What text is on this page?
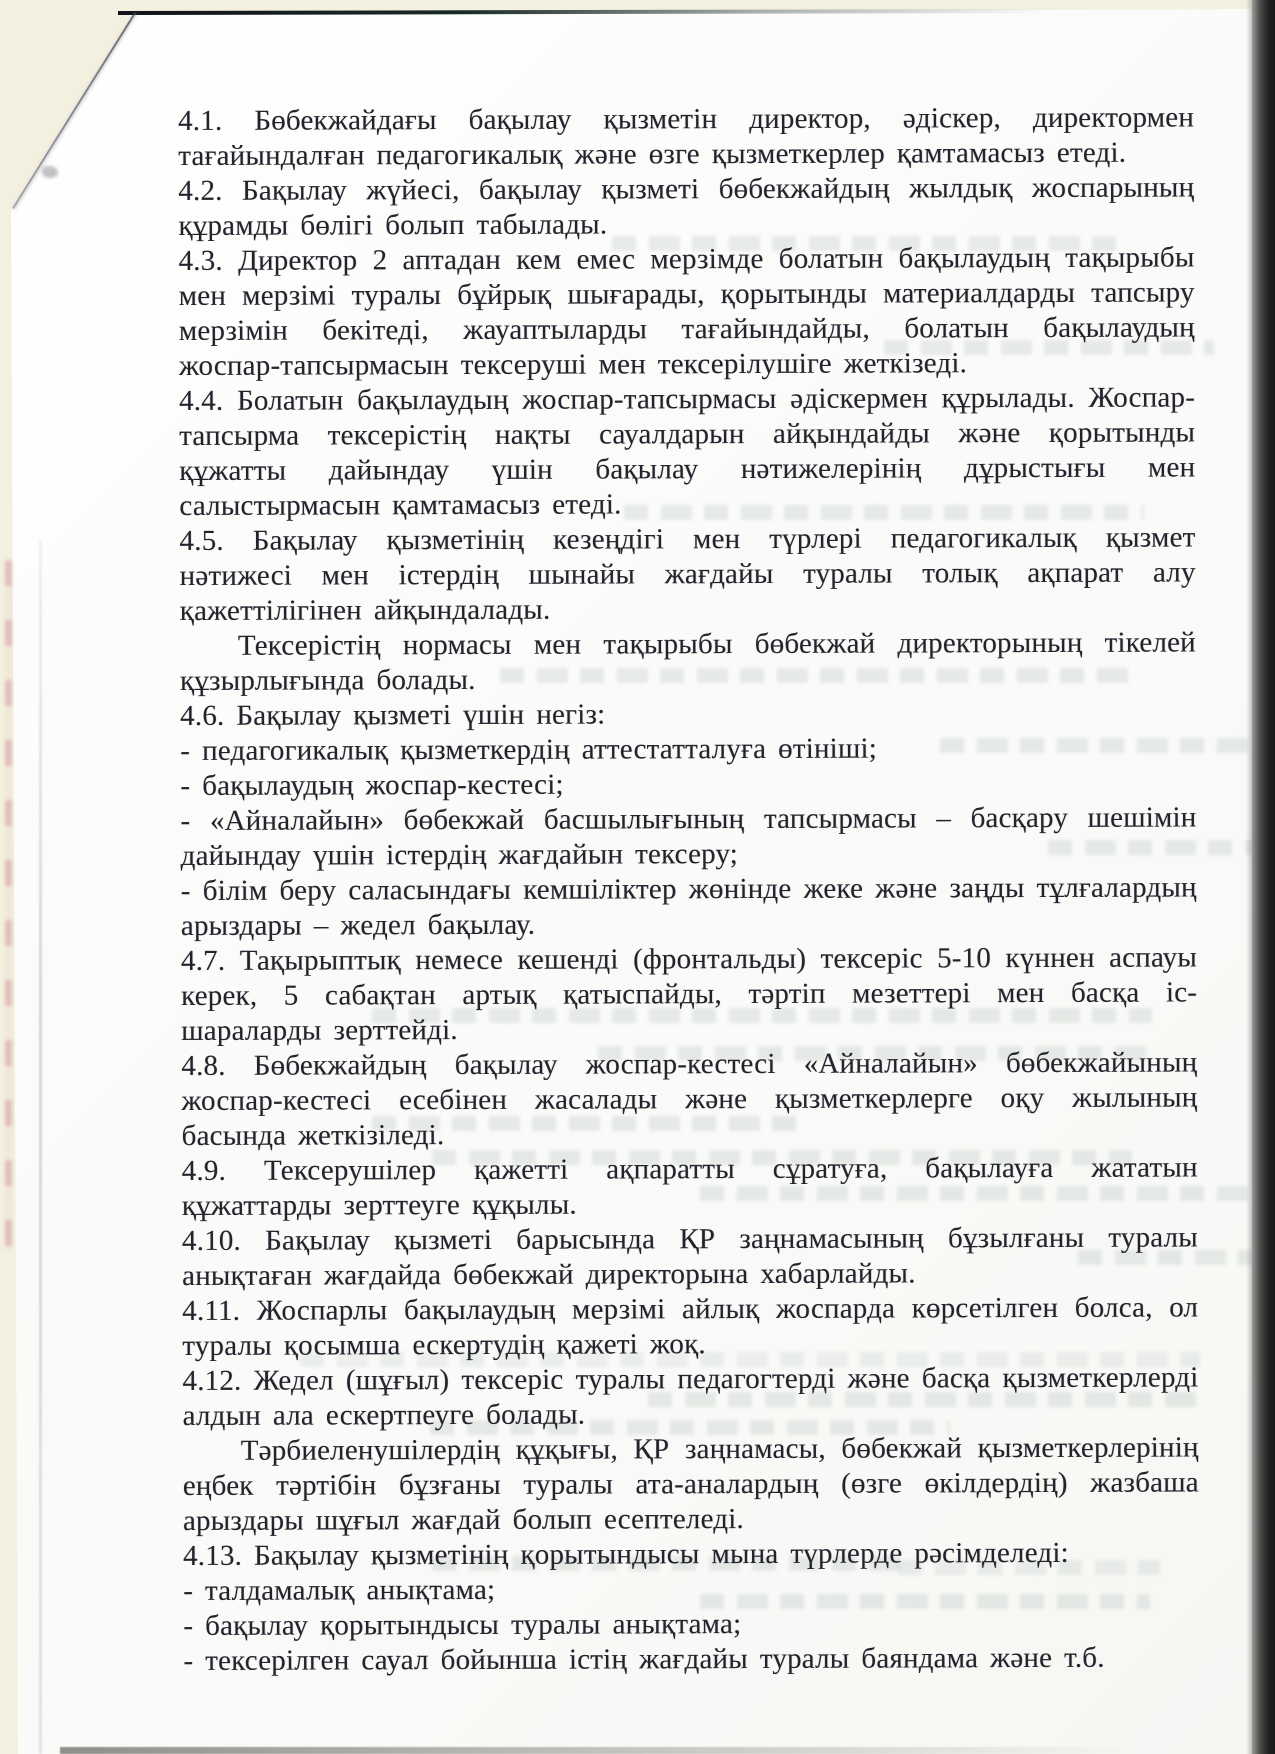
4.1. Бөбекжайдағы бақылау қызметін директор, әдіскер, директормен тағайындалған педагогикалық және өзге қызметкерлер қамтамасыз етеді.

4.2. Бақылау жүйесі, бақылау қызметі бөбекжайдың жылдық жоспарының құрамды бөлігі болып табылады.

4.3. Директор 2 аптадан кем емес мерзімде болатын бақылаудың тақырыбы мен мерзімі туралы бұйрық шығарады, қорытынды материалдарды тапсыру мерзімін бекітеді, жауаптыларды тағайындайды, болатын бақылаудың жоспар-тапсырмасын тексеруші мен тексерілушіге жеткізеді.

4.4. Болатын бақылаудың жоспар-тапсырмасы әдіскермен құрылады. Жоспар-тапсырма тексерістің нақты сауалдарын айқындайды және қорытынды құжатты дайындау үшін бақылау нәтижелерінің дұрыстығы мен салыстырмасын қамтамасыз етеді.

4.5. Бақылау қызметінің кезеңдігі мен түрлері педагогикалық қызмет нәтижесі мен істердің шынайы жағдайы туралы толық ақпарат алу қажеттілігінен айқындалады.

Тексерістің нормасы мен тақырыбы бөбекжай директорының тікелей құзырлығында болады.

4.6. Бақылау қызметі үшін негіз:

- педагогикалық қызметкердің аттестатталуға өтініші;

- бақылаудың жоспар-кестесі;

- «Айналайын» бөбекжай басшылығының тапсырмасы – басқару шешімін дайындау үшін істердің жағдайын тексеру;

- білім беру саласындағы кемшіліктер жөнінде жеке және заңды тұлғалардың арыздары – жедел бақылау.

4.7. Тақырыптық немесе кешенді (фронтальды) тексеріс 5-10 күннен аспауы керек, 5 сабақтан артық қатыспайды, тәртіп мезеттері мен басқа іс-шараларды зерттейді.

4.8. Бөбекжайдың бақылау жоспар-кестесі «Айналайын» бөбекжайының жоспар-кестесі есебінен жасалады және қызметкерлерге оқу жылының басында жеткізіледі.

4.9. Тексерушілер қажетті ақпаратты сұратуға, бақылауға жататын құжаттарды зерттеуге құқылы.

4.10. Бақылау қызметі барысында ҚР заңнамасының бұзылғаны туралы анықтаған жағдайда бөбекжай директорына хабарлайды.

4.11. Жоспарлы бақылаудың мерзімі айлық жоспарда көрсетілген болса, ол туралы қосымша ескертудің қажеті жоқ.

4.12. Жедел (шұғыл) тексеріс туралы педагогтерді және басқа қызметкерлерді алдын ала ескертпеуге болады.

Тәрбиеленушілердің құқығы, ҚР заңнамасы, бөбекжай қызметкерлерінің еңбек тәртібін бұзғаны туралы ата-аналардың (өзге өкілдердің) жазбаша арыздары шұғыл жағдай болып есептеледі.

4.13. Бақылау қызметінің қорытындысы мына түрлерде рәсімделеді:

- талдамалық анықтама;

- бақылау қорытындысы туралы анықтама;

- тексерілген сауал бойынша істің жағдайы туралы баяндама және т.б.
